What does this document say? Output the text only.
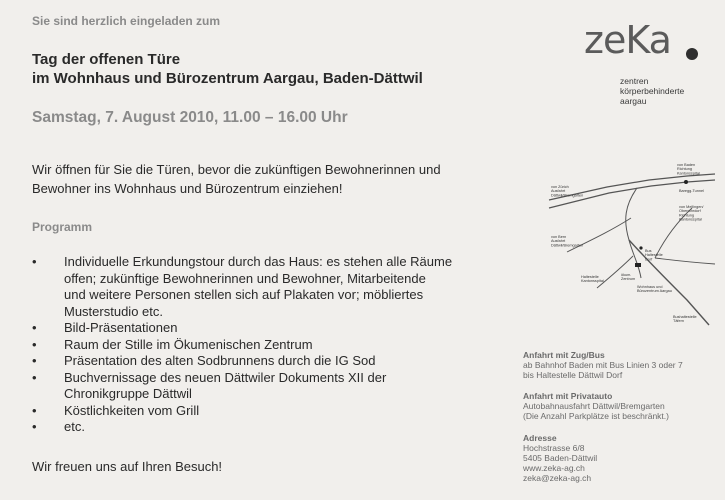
Sie sind herzlich eingeladen zum
Tag der offenen Türe
im Wohnhaus und Bürozentrum Aargau, Baden-Dättwil
Samstag, 7. August 2010, 11.00 – 16.00 Uhr
Wir öffnen für Sie die Türen, bevor die zukünftigen Bewohnerinnen und
Bewohner ins Wohnhaus und Bürozentrum einziehen!
Programm
• Individuelle Erkundungstour durch das Haus: es stehen alle Räume
offen; zukünftige Bewohnerinnen und Bewohner, Mitarbeitende
und weitere Personen stellen sich auf Plakaten vor; möbliertes
Musterstudio etc.
• Bild-Präsentationen
• Raum der Stille im Ökumenischen Zentrum
• Präsentation des alten Sodbrunnens durch die IG Sod
• Buchvernissage des neuen Dättwiler Dokuments XII der
Chronikgruppe Dättwil
• Köstlichkeiten vom Grill
• etc.
Wir freuen uns auf Ihren Besuch!
zeKa
zentren
körperbehinderte
aargau
von Baden Richtung Kantonsspital
von Zürich Ausfahrt Dättwil/Bremgarten
Baregg-Tunnel
von Bern Ausfahrt Dättwil/Bremgarten
von Mellingen/ Oberrohrdorf Richtung Kantonsspital
Bus Haltestelle Dorf
Haltestelle Kantonsspital
ökum. Zentrum
Wohnhaus und Bürozentrum Aargau
Bushaltestelle Täfern
Anfahrt mit Zug/Bus
ab Bahnhof Baden mit Bus Linien 3 oder 7
bis Haltestelle Dättwil Dorf
Anfahrt mit Privatauto
Autobahnausfahrt Dättwil/Bremgarten
(Die Anzahl Parkplätze ist beschränkt.)
Adresse
Hochstrasse 6/8
5405 Baden-Dättwil
www.zeka-ag.ch
zeka@zeka-ag.ch
